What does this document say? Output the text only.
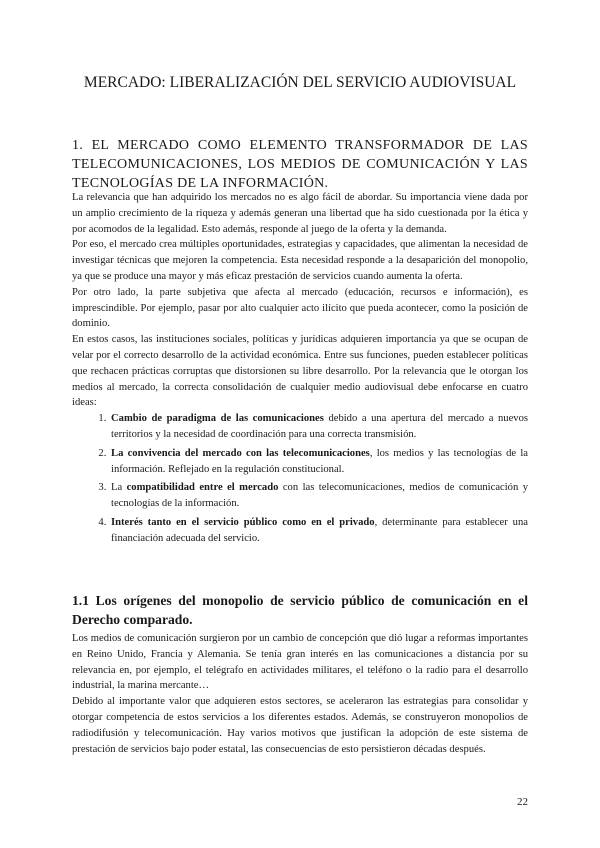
MERCADO: LIBERALIZACIÓN DEL SERVICIO AUDIOVISUAL
1. EL MERCADO COMO ELEMENTO TRANSFORMADOR DE LAS TELECOMUNICACIONES, LOS MEDIOS DE COMUNICACIÓN Y LAS TECNOLOGÍAS DE LA INFORMACIÓN.

La relevancia que han adquirido los mercados no es algo fácil de abordar. Su importancia viene dada por un amplio crecimiento de la riqueza y además generan una libertad que ha sido cuestionada por la ética y por acomodos de la legalidad. Esto además, responde al juego de la oferta y la demanda.

Por eso, el mercado crea múltiples oportunidades, estrategias y capacidades, que alimentan la necesidad de investigar técnicas que mejoren la competencia. Esta necesidad responde a la desaparición del monopolio, ya que se produce una mayor y más eficaz prestación de servicios cuando aumenta la oferta.

Por otro lado, la parte subjetiva que afecta al mercado (educación, recursos e información), es imprescindible. Por ejemplo, pasar por alto cualquier acto ilícito que pueda acontecer, como la posición de dominio.

En estos casos, las instituciones sociales, políticas y jurídicas adquieren importancia ya que se ocupan de velar por el correcto desarrollo de la actividad económica. Entre sus funciones, pueden establecer políticas que rechacen prácticas corruptas que distorsionen su libre desarrollo. Por la relevancia que le otorgan los medios al mercado, la correcta consolidación de cualquier medio audiovisual debe enfocarse en cuatro ideas:

1. Cambio de paradigma de las comunicaciones debido a una apertura del mercado a nuevos territorios y la necesidad de coordinación para una correcta transmisión.
2. La convivencia del mercado con las telecomunicaciones, los medios y las tecnologías de la información. Reflejado en la regulación constitucional.
3. La compatibilidad entre el mercado con las telecomunicaciones, medios de comunicación y tecnologías de la información.
4. Interés tanto en el servicio público como en el privado, determinante para establecer una financiación adecuada del servicio.
1.1 Los orígenes del monopolio de servicio público de comunicación en el Derecho comparado.

Los medios de comunicación surgieron por un cambio de concepción que dió lugar a reformas importantes en Reino Unido, Francia y Alemania. Se tenía gran interés en las comunicaciones a distancia por su relevancia en, por ejemplo, el telégrafo en actividades militares, el teléfono o la radio para el desarrollo industrial, la marina mercante…

Debido al importante valor que adquieren estos sectores, se aceleraron las estrategias para consolidar y otorgar competencia de estos servicios a los diferentes estados. Además, se construyeron monopolios de radiodifusión y telecomunicación. Hay varios motivos que justifican la adopción de este sistema de prestación de servicios bajo poder estatal, las consecuencias de esto persistieron décadas después.

22
